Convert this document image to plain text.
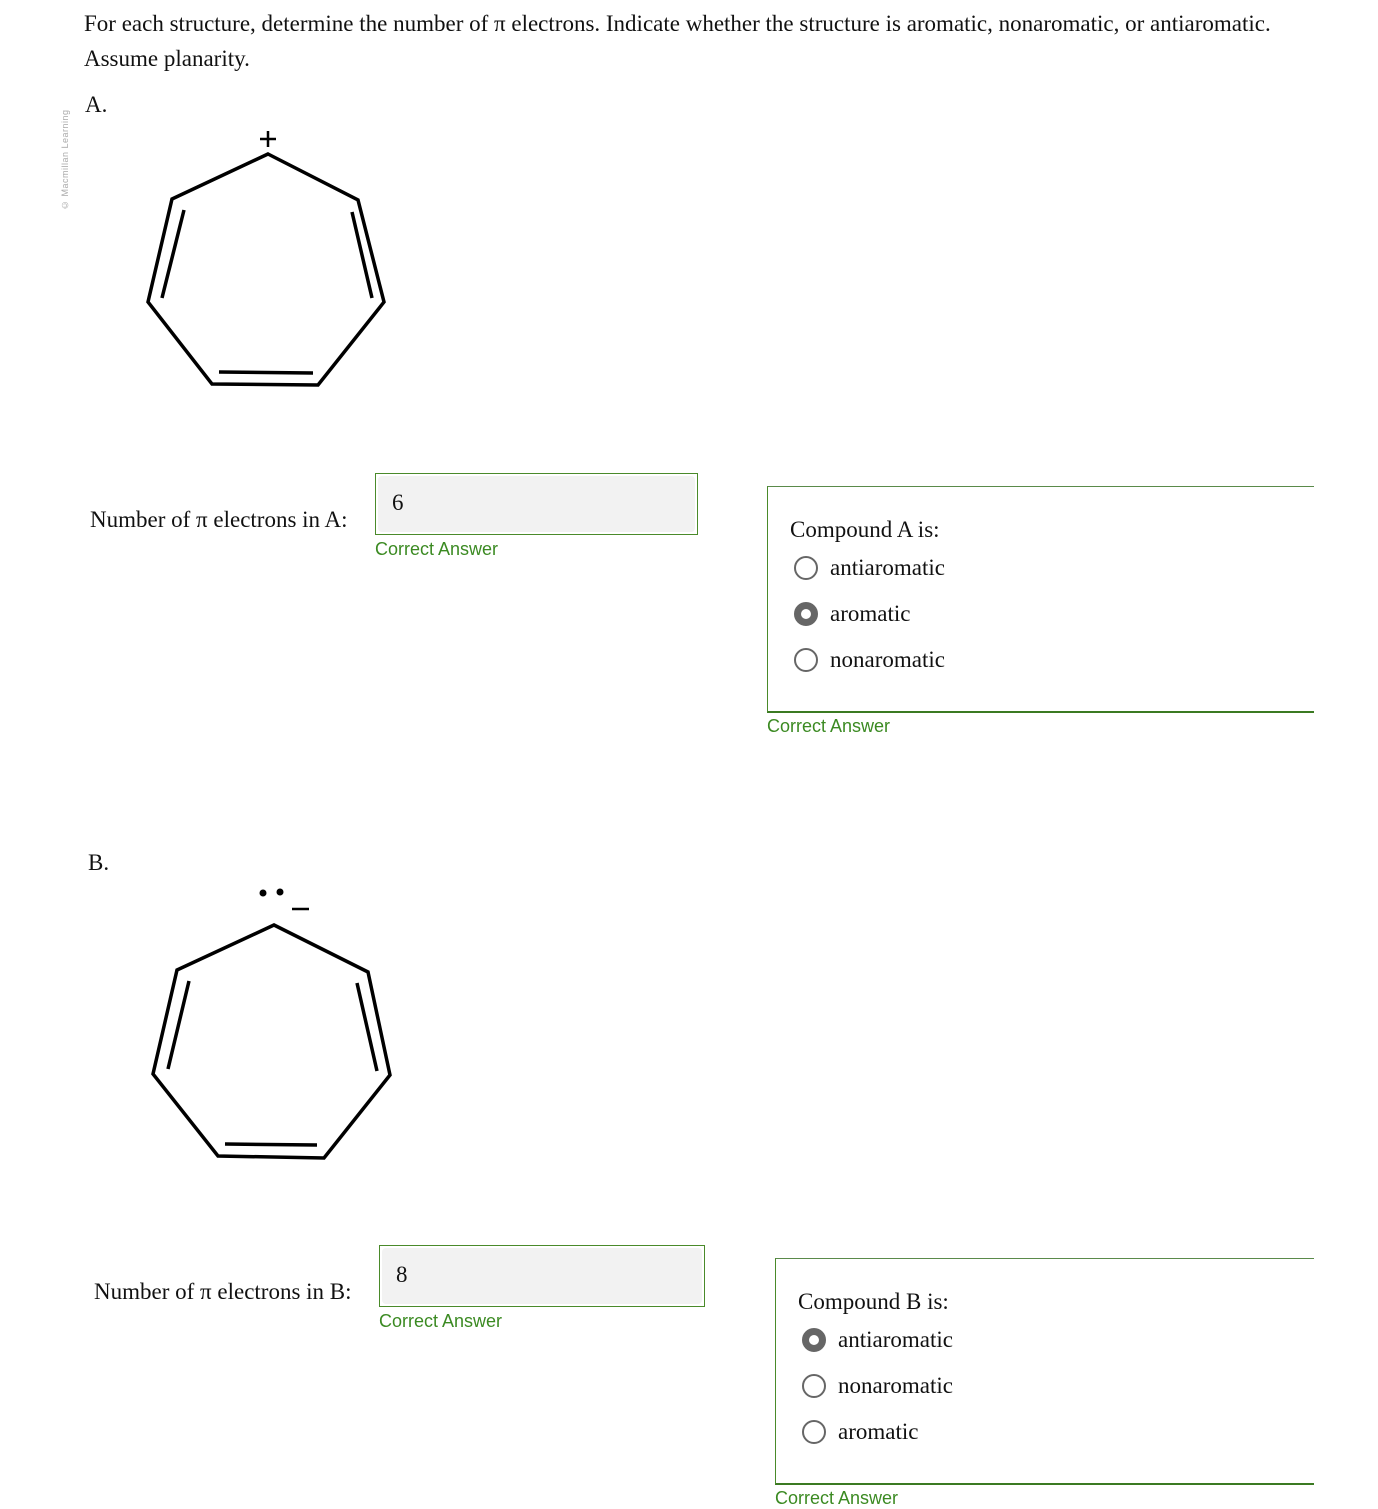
© Macmillan Learning
For each structure, determine the number of π electrons. Indicate whether the structure is aromatic, nonaromatic, or antiaromatic. Assume planarity.
A.
Number of π electrons in A:
6
Correct Answer
Compound A is:
antiaromatic
aromatic
nonaromatic
Correct Answer
B.
Number of π electrons in B:
8
Correct Answer
Compound B is:
antiaromatic
nonaromatic
aromatic
Correct Answer
